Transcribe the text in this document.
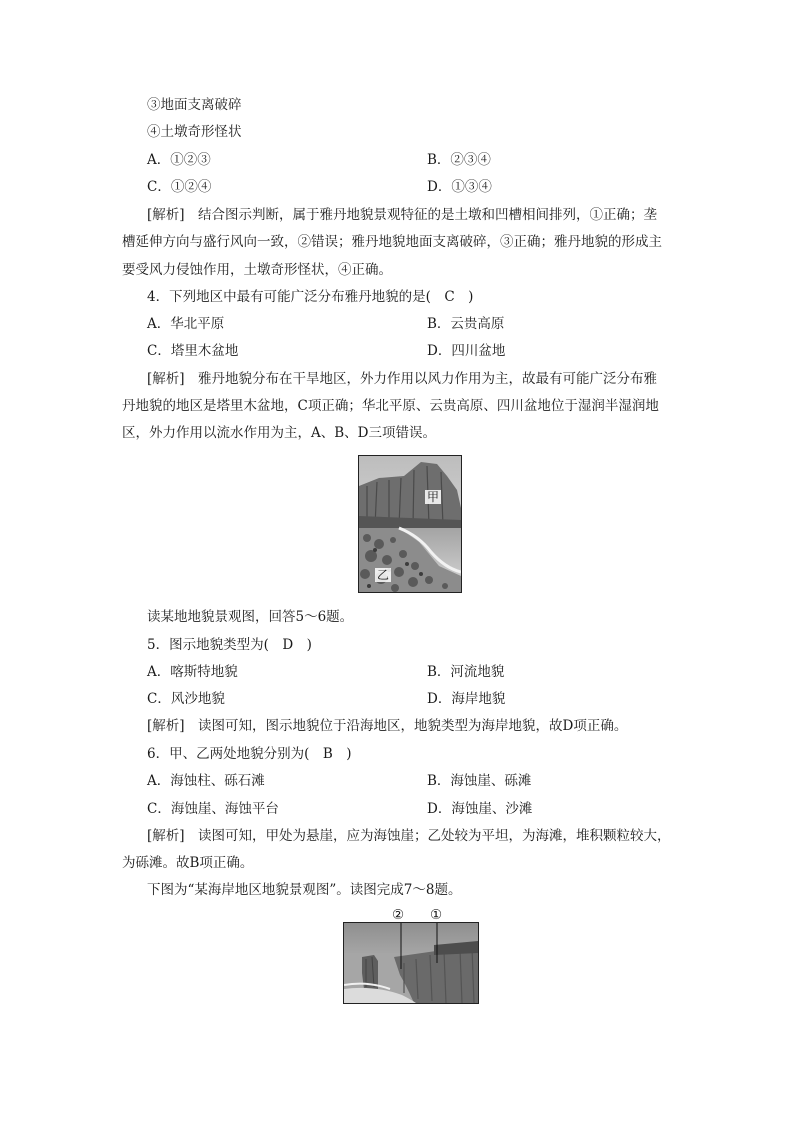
③地面支离破碎
④土墩奇形怪状
A．①②③	B．②③④
C．①②④	D．①③④
[解析]　结合图示判断，属于雅丹地貌景观特征的是土墩和凹槽相间排列，①正确；垄
槽延伸方向与盛行风向一致，②错误；雅丹地貌地面支离破碎，③正确；雅丹地貌的形成主
要受风力侵蚀作用，土墩奇形怪状，④正确。
4．下列地区中最有可能广泛分布雅丹地貌的是(　C　)
A．华北平原	B．云贵高原
C．塔里木盆地	D．四川盆地
[解析]　雅丹地貌分布在干旱地区，外力作用以风力作用为主，故最有可能广泛分布雅
丹地貌的地区是塔里木盆地，C项正确；华北平原、云贵高原、四川盆地位于湿润半湿润地
区，外力作用以流水作用为主，A、B、D三项错误。
甲
乙
读某地地貌景观图，回答5～6题。
5．图示地貌类型为(　D　)
A．喀斯特地貌	B．河流地貌
C．风沙地貌	D．海岸地貌
[解析]　读图可知，图示地貌位于沿海地区，地貌类型为海岸地貌，故D项正确。
6．甲、乙两处地貌分别为(　B　)
A．海蚀柱、砾石滩	B．海蚀崖、砾滩
C．海蚀崖、海蚀平台	D．海蚀崖、沙滩
[解析]　读图可知，甲处为悬崖，应为海蚀崖；乙处较为平坦，为海滩，堆积颗粒较大，
为砾滩。故B项正确。
下图为“某海岸地区地貌景观图”。读图完成7～8题。
② ①
